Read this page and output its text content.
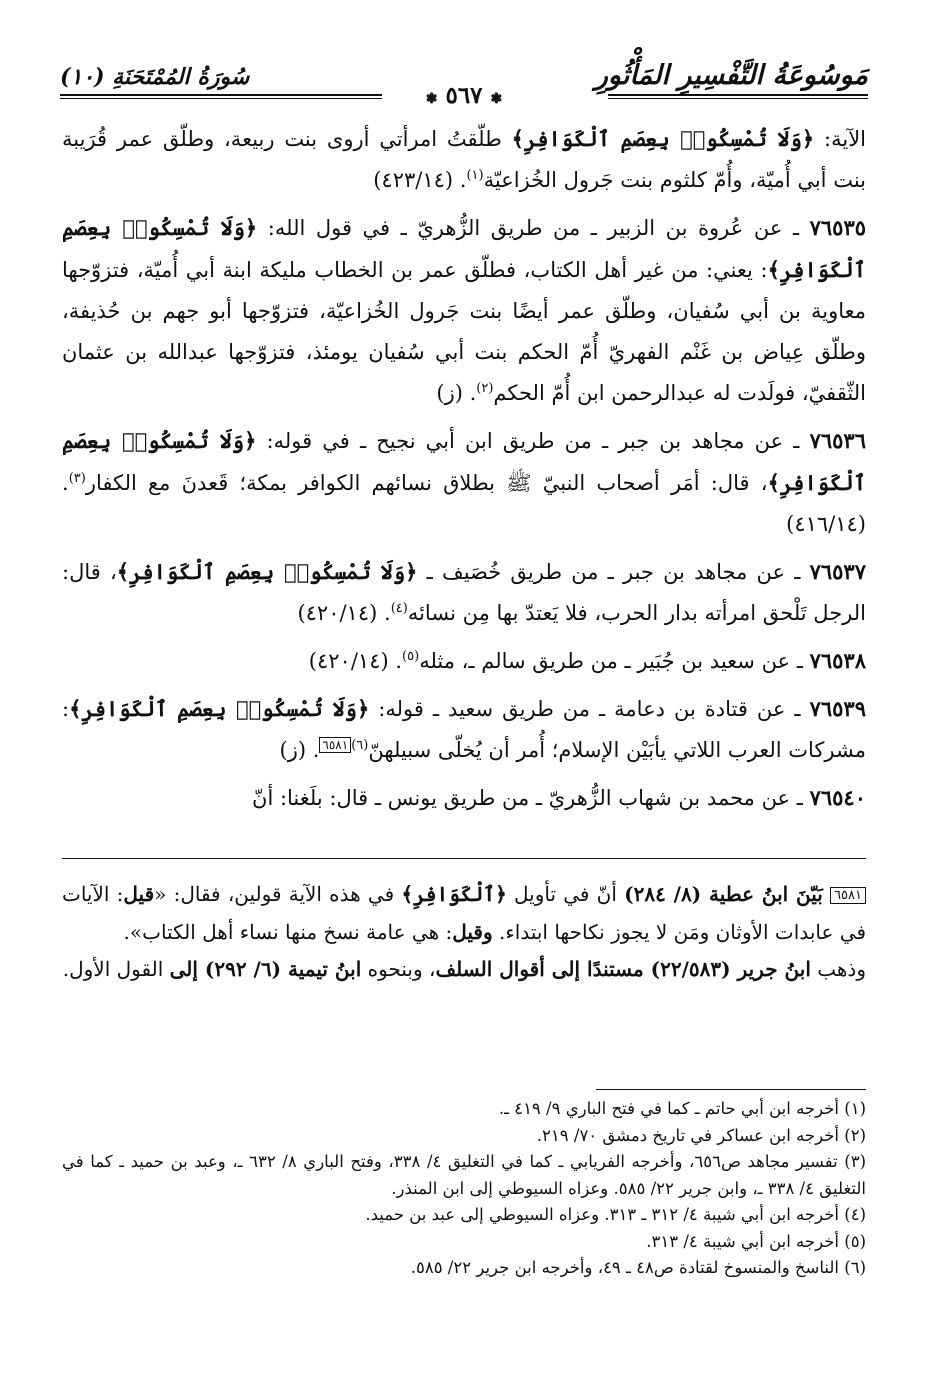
مَوسُوعَةُ التَّفْسِيرِ المَأْثُورِ
سُورَةُ المُمْتَحَنَةِ (١٠)
❃ ٥٦٧ ❃

الآية: ﴿وَلَا تُمْسِكُوا۟ بِعِصَمِ ٱلْكَوَافِرِ﴾ طلّقتُ امرأتي أروى بنت ربيعة، وطلّق عمر قُرَيبة بنت أبي أُميّة، وأُمّ كلثوم بنت جَرول الخُزاعيّة$^{(١)}$. (٤٢٣/١٤)

٧٦٥٣٥ ـ عن عُروة بن الزبير ـ من طريق الزُّهريّ ـ في قول الله: ﴿وَلَا تُمْسِكُوا۟ بِعِصَمِ ٱلْكَوَافِرِ﴾: يعني: من غير أهل الكتاب، فطلّق عمر بن الخطاب مليكة ابنة أبي أُميّة، فتزوّجها معاوية بن أبي سُفيان، وطلّق عمر أيضًا بنت جَرول الخُزاعيّة، فتزوّجها أبو جهم بن حُذيفة، وطلّق عِياض بن غَنْم الفهريّ أُمّ الحكم بنت أبي سُفيان يومئذ، فتزوّجها عبدالله بن عثمان الثّقفيّ، فولَدت له عبدالرحمن ابن أُمّ الحكم$^{(٢)}$. (ز)

٧٦٥٣٦ ـ عن مجاهد بن جبر ـ من طريق ابن أبي نجيح ـ في قوله: ﴿وَلَا تُمْسِكُوا۟ بِعِصَمِ ٱلْكَوَافِرِ﴾، قال: أمَر أصحاب النبيّ ﷺ بطلاق نسائهم الكوافر بمكة؛ قَعدنَ مع الكفار$^{(٣)}$. (٤١٦/١٤)

٧٦٥٣٧ ـ عن مجاهد بن جبر ـ من طريق خُصَيف ـ ﴿وَلَا تُمْسِكُوا۟ بِعِصَمِ ٱلْكَوَافِرِ﴾، قال: الرجل تَلْحق امرأته بدار الحرب، فلا يَعتدّ بها مِن نسائه$^{(٤)}$. (٤٢٠/١٤)

٧٦٥٣٨ ـ عن سعيد بن جُبَير ـ من طريق سالم ـ، مثله$^{(٥)}$. (٤٢٠/١٤)

٧٦٥٣٩ ـ عن قتادة بن دعامة ـ من طريق سعيد ـ قوله: ﴿وَلَا تُمْسِكُوا۟ بِعِصَمِ ٱلْكَوَافِرِ﴾: مشركات العرب اللاتي يأبَيْن الإسلام؛ أُمر أن يُخلّى سبيلهنّ$^{(٦)٦٥٨١}$. (ز)

٧٦٥٤٠ ـ عن محمد بن شهاب الزُّهريّ ـ من طريق يونس ـ قال: بلَغنا: أنّ

٦٥٨١ بَيّنَ ابنُ عطية (٨/ ٢٨٤) أنّ في تأويل ﴿ٱلْكَوَافِرِ﴾ في هذه الآية قولين، فقال: «قيل: الآيات في عابدات الأوثان ومَن لا يجوز نكاحها ابتداء. وقيل: هي عامة نسخ منها نساء أهل الكتاب».

وذهب ابنُ جرير (٢٢/٥٨٣) مستندًا إلى أقوال السلف، وبنحوه ابنُ تيمية (٦/ ٢٩٢) إلى القول الأول.

(١) أخرجه ابن أبي حاتم ـ كما في فتح الباري ٩/ ٤١٩ ـ.

(٢) أخرجه ابن عساكر في تاريخ دمشق ٧٠/ ٢١٩.

(٣) تفسير مجاهد ص٦٥٦، وأخرجه الفريابي ـ كما في التغليق ٤/ ٣٣٨، وفتح الباري ٨/ ٦٣٢ ـ، وعبد بن حميد ـ كما في التغليق ٤/ ٣٣٨ ـ، وابن جرير ٢٢/ ٥٨٥. وعزاه السيوطي إلى ابن المنذر.

(٤) أخرجه ابن أبي شيبة ٤/ ٣١٢ ـ ٣١٣. وعزاه السيوطي إلى عبد بن حميد.

(٥) أخرجه ابن أبي شيبة ٤/ ٣١٣.

(٦) الناسخ والمنسوخ لقتادة ص٤٨ ـ ٤٩، وأخرجه ابن جرير ٢٢/ ٥٨٥.
